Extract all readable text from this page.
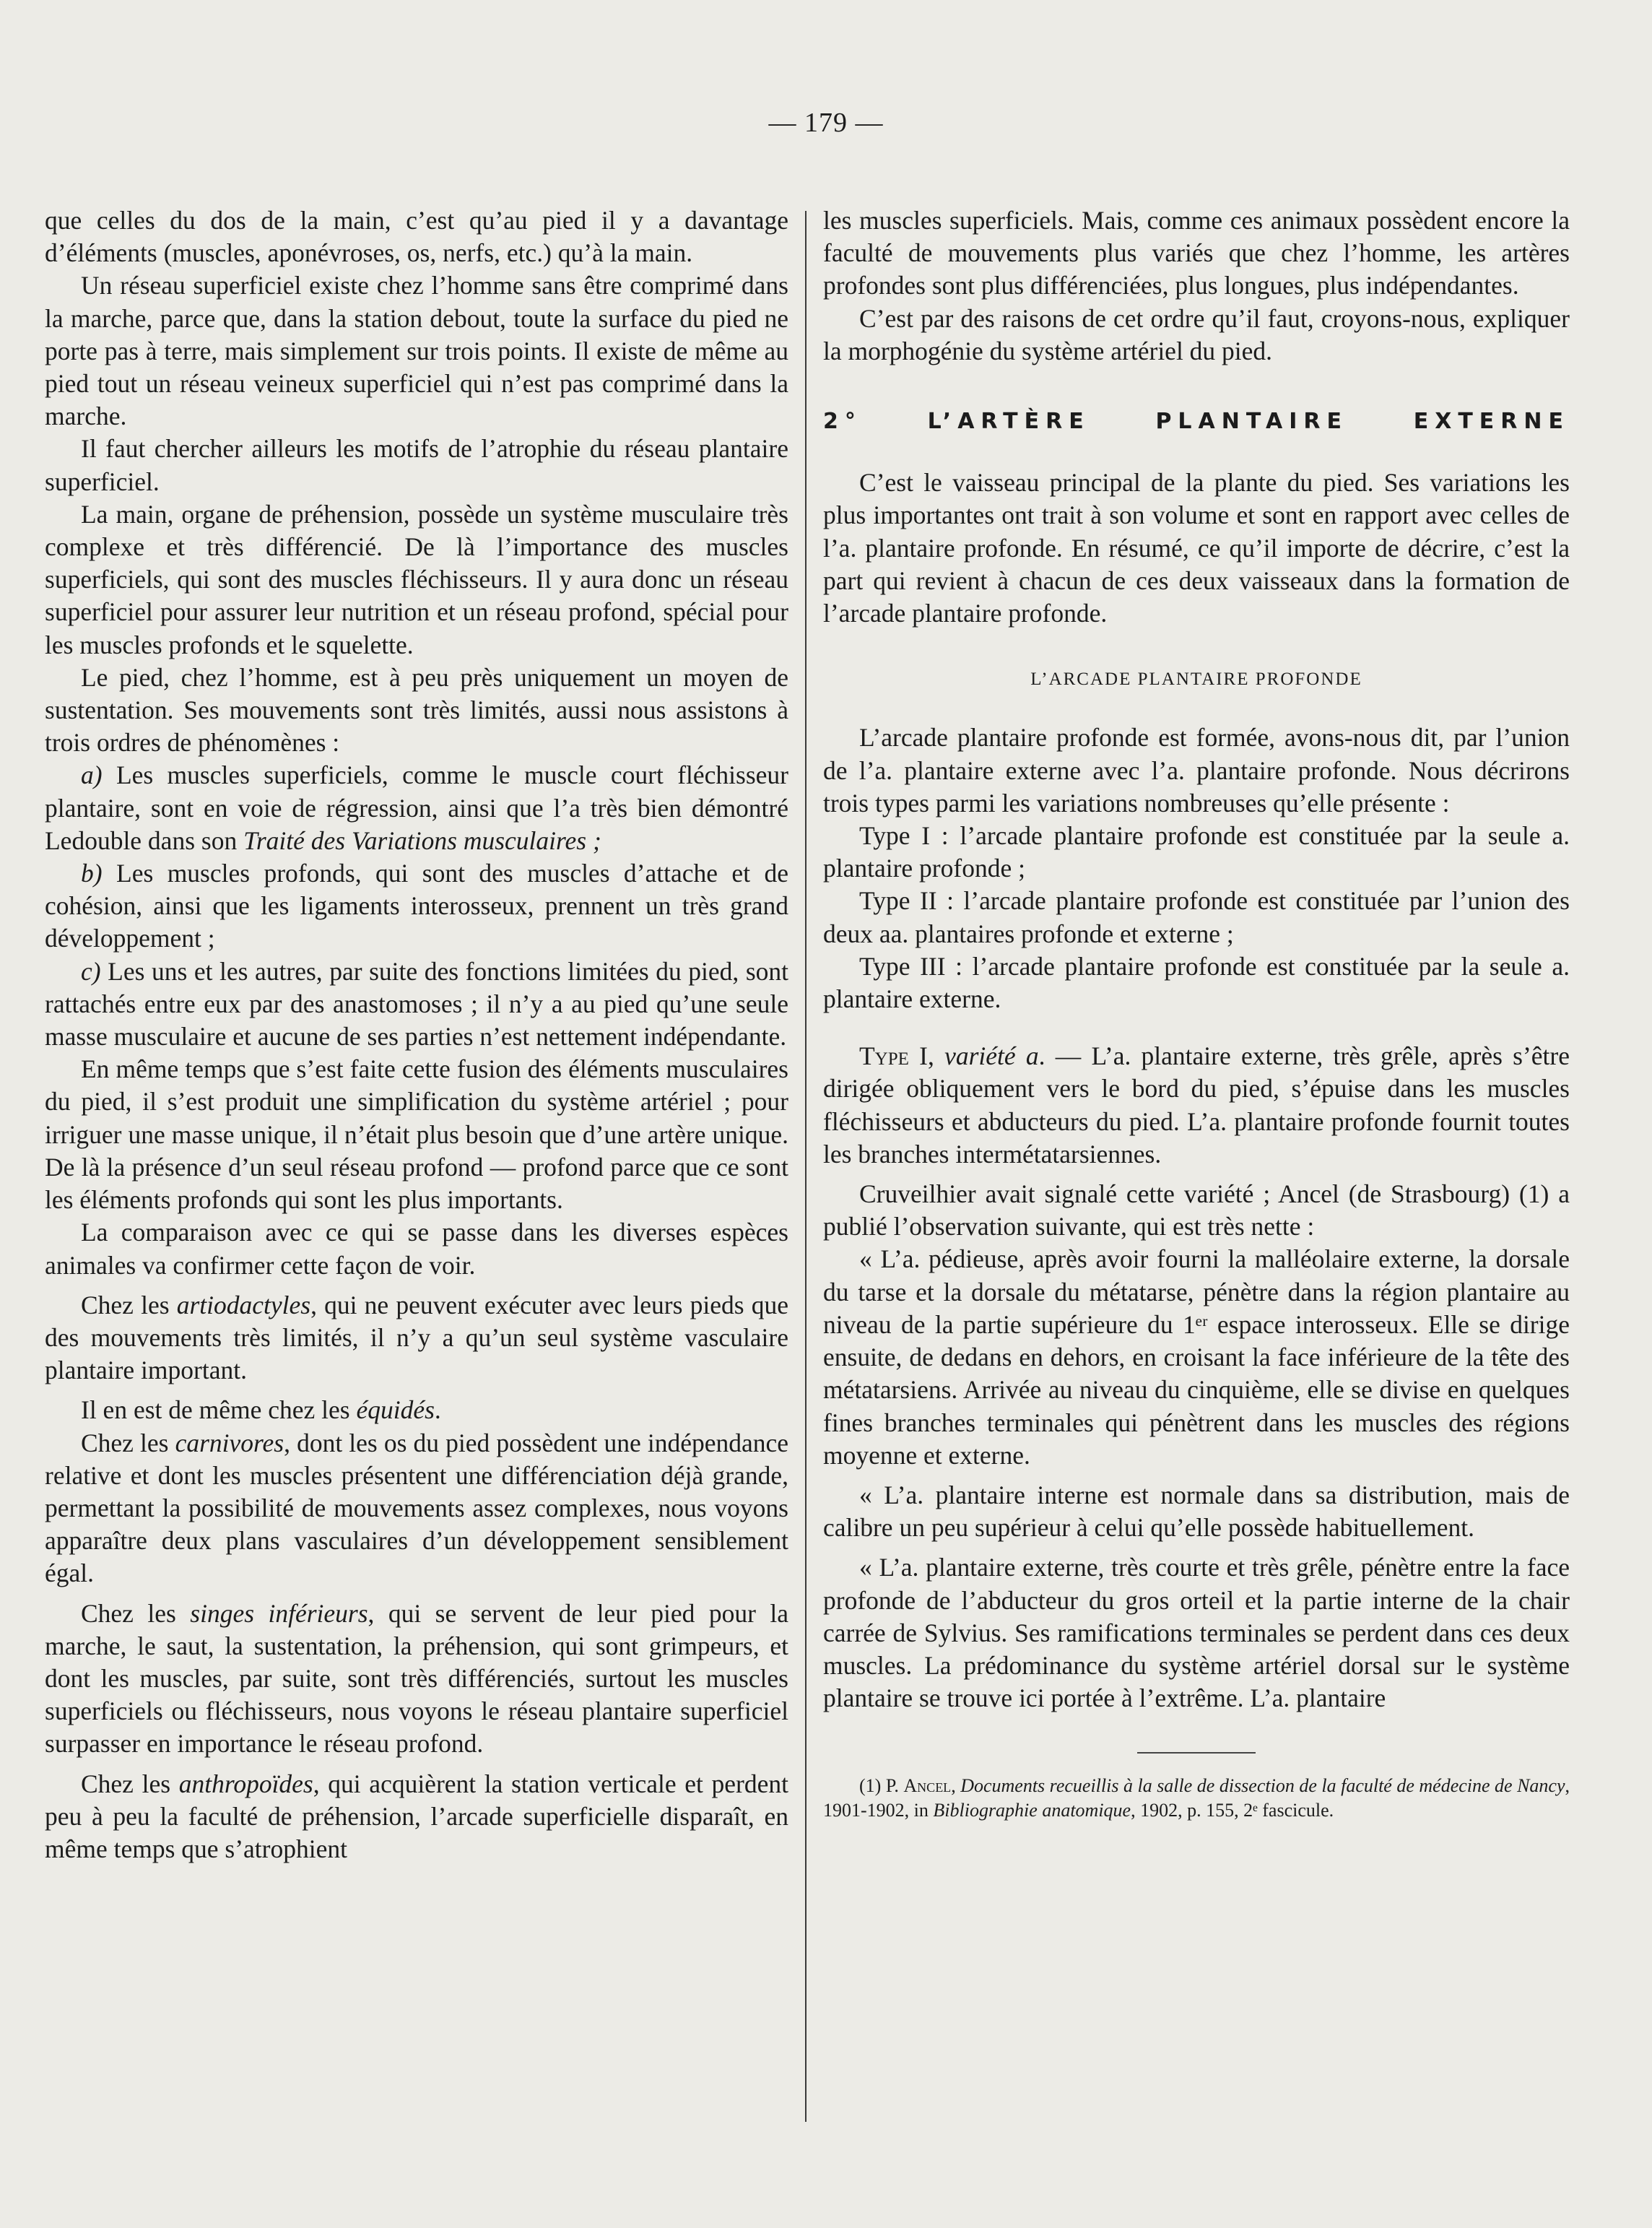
— 179 —

que celles du dos de la main, c’est qu’au pied il y a davantage d’éléments (muscles, aponévroses, os, nerfs, etc.) qu’à la main.

Un réseau superficiel existe chez l’homme sans être comprimé dans la marche, parce que, dans la station debout, toute la surface du pied ne porte pas à terre, mais simplement sur trois points. Il existe de même au pied tout un réseau veineux superficiel qui n’est pas comprimé dans la marche.

Il faut chercher ailleurs les motifs de l’atrophie du réseau plantaire superficiel.

La main, organe de préhension, possède un système musculaire très complexe et très différencié. De là l’importance des muscles superficiels, qui sont des muscles fléchisseurs. Il y aura donc un réseau superficiel pour assurer leur nutrition et un réseau profond, spécial pour les muscles profonds et le squelette.

Le pied, chez l’homme, est à peu près uniquement un moyen de sustentation. Ses mouvements sont très limités, aussi nous assistons à trois ordres de phénomènes :

a) Les muscles superficiels, comme le muscle court fléchisseur plantaire, sont en voie de régression, ainsi que l’a très bien démontré Ledouble dans son Traité des Variations musculaires ;

b) Les muscles profonds, qui sont des muscles d’attache et de cohésion, ainsi que les ligaments interosseux, prennent un très grand développement ;

c) Les uns et les autres, par suite des fonctions limitées du pied, sont rattachés entre eux par des anastomoses ; il n’y a au pied qu’une seule masse musculaire et aucune de ses parties n’est nettement indépendante.

En même temps que s’est faite cette fusion des éléments musculaires du pied, il s’est produit une simplification du système artériel ; pour irriguer une masse unique, il n’était plus besoin que d’une artère unique. De là la présence d’un seul réseau profond — profond parce que ce sont les éléments profonds qui sont les plus importants.

La comparaison avec ce qui se passe dans les diverses espèces animales va confirmer cette façon de voir.

Chez les artiodactyles, qui ne peuvent exécuter avec leurs pieds que des mouvements très limités, il n’y a qu’un seul système vasculaire plantaire important.

Il en est de même chez les équidés.

Chez les carnivores, dont les os du pied possèdent une indépendance relative et dont les muscles présentent une différenciation déjà grande, permettant la possibilité de mouvements assez complexes, nous voyons apparaître deux plans vasculaires d’un développement sensiblement égal.

Chez les singes inférieurs, qui se servent de leur pied pour la marche, le saut, la sustentation, la préhension, qui sont grimpeurs, et dont les muscles, par suite, sont très différenciés, surtout les muscles superficiels ou fléchisseurs, nous voyons le réseau plantaire superficiel surpasser en importance le réseau profond.

Chez les anthropoïdes, qui acquièrent la station verticale et perdent peu à peu la faculté de préhension, l’arcade superficielle disparaît, en même temps que s’atrophient

les muscles superficiels. Mais, comme ces animaux possèdent encore la faculté de mouvements plus variés que chez l’homme, les artères profondes sont plus différenciées, plus longues, plus indépendantes.

C’est par des raisons de cet ordre qu’il faut, croyons-nous, expliquer la morphogénie du système artériel du pied.

2° L’ARTÈRE PLANTAIRE EXTERNE

C’est le vaisseau principal de la plante du pied. Ses variations les plus importantes ont trait à son volume et sont en rapport avec celles de l’a. plantaire profonde. En résumé, ce qu’il importe de décrire, c’est la part qui revient à chacun de ces deux vaisseaux dans la formation de l’arcade plantaire profonde.

L’ARCADE PLANTAIRE PROFONDE

L’arcade plantaire profonde est formée, avons-nous dit, par l’union de l’a. plantaire externe avec l’a. plantaire profonde. Nous décrirons trois types parmi les variations nombreuses qu’elle présente :

Type I : l’arcade plantaire profonde est constituée par la seule a. plantaire profonde ;

Type II : l’arcade plantaire profonde est constituée par l’union des deux aa. plantaires profonde et externe ;

Type III : l’arcade plantaire profonde est constituée par la seule a. plantaire externe.

Type I, variété a. — L’a. plantaire externe, très grêle, après s’être dirigée obliquement vers le bord du pied, s’épuise dans les muscles fléchisseurs et abducteurs du pied. L’a. plantaire profonde fournit toutes les branches intermétatarsiennes.

Cruveilhier avait signalé cette variété ; Ancel (de Strasbourg) (1) a publié l’observation suivante, qui est très nette :

« L’a. pédieuse, après avoir fourni la malléolaire externe, la dorsale du tarse et la dorsale du métatarse, pénètre dans la région plantaire au niveau de la partie supérieure du 1ᵉʳ espace interosseux. Elle se dirige ensuite, de dedans en dehors, en croisant la face inférieure de la tête des métatarsiens. Arrivée au niveau du cinquième, elle se divise en quelques fines branches terminales qui pénètrent dans les muscles des régions moyenne et externe.

« L’a. plantaire interne est normale dans sa distribution, mais de calibre un peu supérieur à celui qu’elle possède habituellement.

« L’a. plantaire externe, très courte et très grêle, pénètre entre la face profonde de l’abducteur du gros orteil et la partie interne de la chair carrée de Sylvius. Ses ramifications terminales se perdent dans ces deux muscles. La prédominance du système artériel dorsal sur le système plantaire se trouve ici portée à l’extrême. L’a. plantaire

(1) P. Ancel, Documents recueillis à la salle de dissection de la faculté de médecine de Nancy, 1901-1902, in Bibliographie anatomique, 1902, p. 155, 2ᵉ fascicule.
